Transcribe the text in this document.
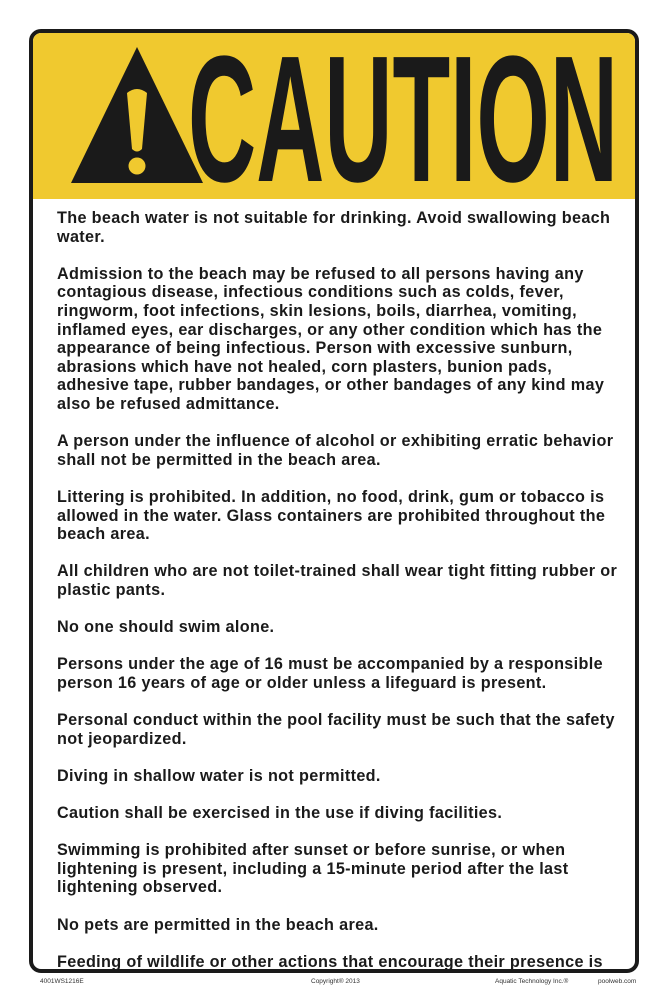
CAUTION
The beach water is not suitable for drinking. Avoid swallowing beach water.
Admission to the beach may be refused to all persons having any contagious disease, infectious conditions such as colds, fever, ringworm, foot infections, skin lesions, boils, diarrhea, vomiting, inflamed eyes, ear discharges, or any other condition which has the appearance of being infectious. Person with excessive sunburn, abrasions which have not healed, corn plasters, bunion pads, adhesive tape, rubber bandages, or other bandages of any kind may also be refused admittance.
A person under the influence of alcohol or exhibiting erratic behavior shall not be permitted in the beach area.
Littering is prohibited. In addition, no food, drink, gum or tobacco is allowed in the water. Glass containers are prohibited throughout the beach area.
All children who are not toilet-trained shall wear tight fitting rubber or plastic pants.
No one should swim alone.
Persons under the age of 16 must be accompanied by a responsible person 16 years of age or older unless a lifeguard is present.
Personal conduct within the pool facility must be such that the safety not jeopardized.
Diving in shallow water is not permitted.
Caution shall be exercised in the use if diving facilities.
Swimming is prohibited after sunset or before sunrise, or when lightening is present, including a 15-minute period after the last lightening observed.
No pets are permitted in the beach area.
Feeding of wildlife or other actions that encourage their presence is
4001WS1216E	Copyright® 2013	Aquatic Technology Inc.®	poolweb.com
